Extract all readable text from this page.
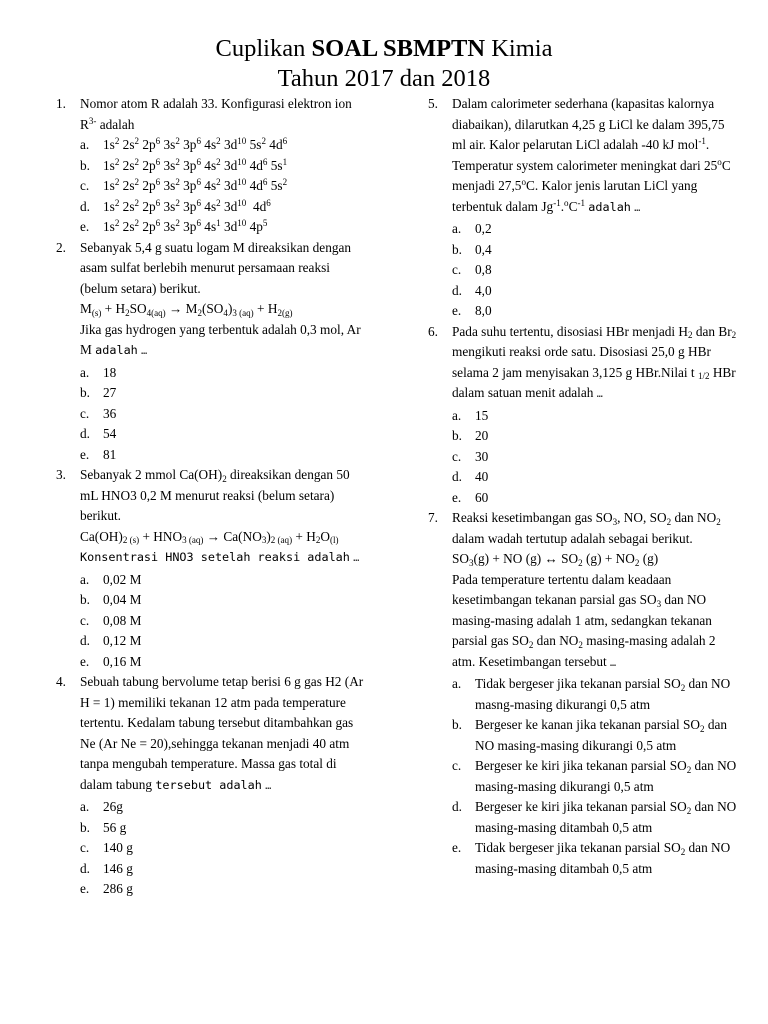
Cuplikan SOAL SBMPTN Kimia
Tahun 2017 dan 2018
1. Nomor atom R adalah 33. Konfigurasi elektron ion $R^{3-}$ adalah
a. $1s^2$ $2s^2$ $2p^6$ $3s^2$ $3p^6$ $4s^2$ $3d^{10}$ $5s^2$ $4d^6$
b. $1s^2$ $2s^2$ $2p^6$ $3s^2$ $3p^6$ $4s^2$ $3d^{10}$ $4d^6$ $5s^1$
c. $1s^2$ $2s^2$ $2p^6$ $3s^2$ $3p^6$ $4s^2$ $3d^{10}$ $4d^6$ $5s^2$
d. $1s^2$ $2s^2$ $2p^6$ $3s^2$ $3p^6$ $4s^2$ $3d^{10}$  $4d^6$
e. $1s^2$ $2s^2$ $2p^6$ $3s^2$ $3p^6$ $4s^1$ $3d^{10}$ $4p^5$
2. Sebanyak 5,4 g suatu logam M direaksikan dengan asam sulfat berlebih menurut persamaan reaksi (belum setara) berikut.
$M_{(s)} + H_2SO_{4(aq)} \to M_2(SO_4)_{3 (aq)} + H_{2(g)}$
Jika gas hydrogen yang terbentuk adalah 0,3 mol, Ar M adalah …
a. 18
b. 27
c. 36
d. 54
e. 81
3. Sebanyak 2 mmol $Ca(OH)_2$ direaksikan dengan 50 mL HNO3 0,2 M menurut reaksi (belum setara) berikut.
$Ca(OH)_{2 (s)} + HNO_{3 (aq)} \to Ca(NO_3)_{2 (aq)} + H_2O_{(l)}$
Konsentrasi HNO3 setelah reaksi adalah …
a. 0,02 M
b. 0,04 M
c. 0,08 M
d. 0,12 M
e. 0,16 M
4. Sebuah tabung bervolume tetap berisi 6 g gas H2 (Ar H = 1) memiliki tekanan 12 atm pada temperature tertentu. Kedalam tabung tersebut ditambahkan gas Ne (Ar Ne = 20),sehingga tekanan menjadi 40 atm tanpa mengubah temperature. Massa gas total di dalam tabung tersebut adalah …
a. 26g
b. 56 g
c. 140 g
d. 146 g
e. 286 g
5. Dalam calorimeter sederhana (kapasitas kalornya diabaikan), dilarutkan 4,25 g LiCl ke dalam 395,75 ml air. Kalor pelarutan LiCl adalah -40 kJ mol$^{-1}$. Temperatur system calorimeter meningkat dari 25$^o$C menjadi 27,5$^o$C. Kalor jenis larutan LiCl yang terbentuk dalam $Jg^{-1}.^oC^{-1}$ adalah …
a. 0,2
b. 0,4
c. 0,8
d. 4,0
e. 8,0
6. Pada suhu tertentu, disosiasi HBr menjadi $H_2$ dan $Br_2$ mengikuti reaksi orde satu. Disosiasi 25,0 g HBr selama 2 jam menyisakan 3,125 g HBr.Nilai t $_{1/2}$ HBr dalam satuan menit adalah …
a. 15
b. 20
c. 30
d. 40
e. 60
7. Reaksi kesetimbangan gas $SO_3$, NO, $SO_2$ dan $NO_2$ dalam wadah tertutup adalah sebagai berikut.
$SO_3(g)$ + NO (g) ↔ $SO_2$ $(g) + NO_2$ (g)
Pada temperature tertentu dalam keadaan kesetimbangan tekanan parsial gas $SO_3$ dan NO masing-masing adalah 1 atm, sedangkan tekanan parsial gas $SO_2$ dan $NO_2$ masing-masing adalah 2 atm. Kesetimbangan tersebut …
a. Tidak bergeser jika tekanan parsial $SO_2$ dan NO masng-masing dikurangi 0,5 atm
b. Bergeser ke kanan jika tekanan parsial $SO_2$ dan NO masing-masing dikurangi 0,5 atm
c. Bergeser ke kiri jika tekanan parsial $SO_2$ dan NO masing-masing dikurangi 0,5 atm
d. Bergeser ke kiri jika tekanan parsial $SO_2$ dan NO masing-masing ditambah 0,5 atm
e. Tidak bergeser jika tekanan parsial $SO_2$ dan NO masing-masing ditambah 0,5 atm
